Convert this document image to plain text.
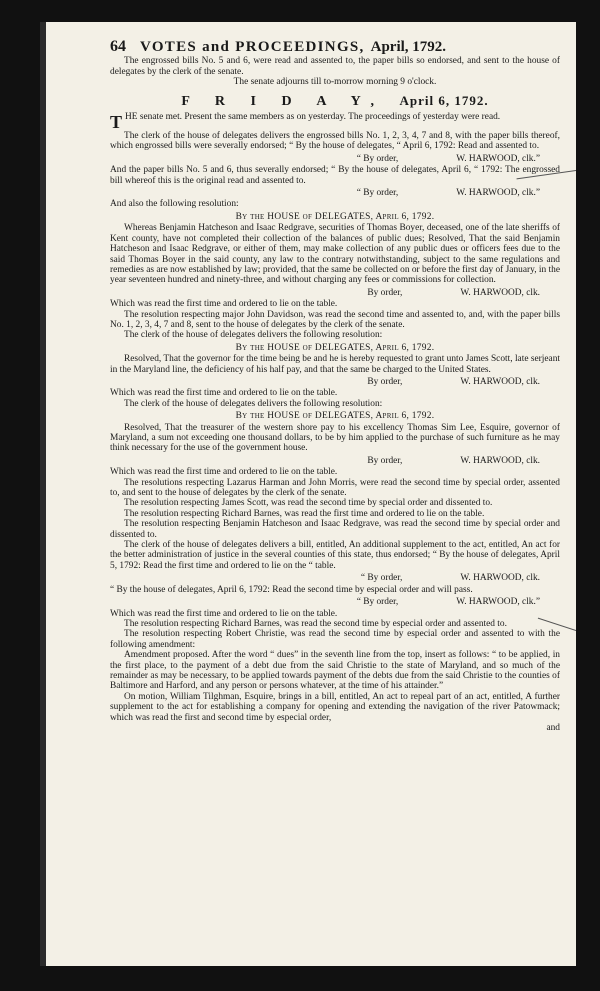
64 VOTES and PROCEEDINGS, April, 1792.

The engrossed bills No. 5 and 6, were read and assented to, the paper bills so endorsed, and sent to the house of delegates by the clerk of the senate.

The senate adjourns till to-morrow morning 9 o'clock.

F R I D A Y, April 6, 1792.

THE senate met. Present the same members as on yesterday. The proceedings of yesterday were read.

The clerk of the house of delegates delivers the engrossed bills No. 1, 2, 3, 4, 7 and 8, with the paper bills thereof, which engrossed bills were severally endorsed; “ By the house of delegates, “ April 6, 1792: Read and assented to.

“ By order,	W. HARWOOD, clk.”

And the paper bills No. 5 and 6, thus severally endorsed; “ By the house of delegates, April 6, “ 1792: The engrossed bill whereof this is the original read and assented to.

“ By order,	W. HARWOOD, clk.”

And also the following resolution:

By the HOUSE of DELEGATES, April 6, 1792.

Whereas Benjamin Hatcheson and Isaac Redgrave, securities of Thomas Boyer, deceased, one of the late sheriffs of Kent county, have not completed their collection of the balances of public dues; Resolved, That the said Benjamin Hatcheson and Isaac Redgrave, or either of them, may make collection of any public dues or officers fees due to the said Thomas Boyer in the said county, any law to the contrary notwithstanding, subject to the same regulations and remedies as are now established by law; provided, that the same be collected on or before the first day of January, in the year seventeen hundred and ninety-three, and without charging any fees or commissions for collection.

By order,	W. HARWOOD, clk.

Which was read the first time and ordered to lie on the table.

The resolution respecting major John Davidson, was read the second time and assented to, and, with the paper bills No. 1, 2, 3, 4, 7 and 8, sent to the house of delegates by the clerk of the senate.

The clerk of the house of delegates delivers the following resolution:

By the HOUSE of DELEGATES, April 6, 1792.

Resolved, That the governor for the time being be and he is hereby requested to grant unto James Scott, late serjeant in the Maryland line, the deficiency of his half pay, and that the same be charged to the United States.

By order,	W. HARWOOD, clk.

Which was read the first time and ordered to lie on the table.

The clerk of the house of delegates delivers the following resolution:

By the HOUSE of DELEGATES, April 6, 1792.

Resolved, That the treasurer of the western shore pay to his excellency Thomas Sim Lee, Esquire, governor of Maryland, a sum not exceeding one thousand dollars, to be by him applied to the purchase of such furniture as he may think necessary for the use of the government house.

By order,	W. HARWOOD, clk.

Which was read the first time and ordered to lie on the table.

The resolutions respecting Lazarus Harman and John Morris, were read the second time by special order, assented to, and sent to the house of delegates by the clerk of the senate.

The resolution respecting James Scott, was read the second time by special order and dissented to.

The resolution respecting Richard Barnes, was read the first time and ordered to lie on the table.

The resolution respecting Benjamin Hatcheson and Isaac Redgrave, was read the second time by special order and dissented to.

The clerk of the house of delegates delivers a bill, entitled, An additional supplement to the act, entitled, An act for the better administration of justice in the several counties of this state, thus endorsed; “ By the house of delegates, April 5, 1792: Read the first time and ordered to lie on the “ table.

“ By order,	W. HARWOOD, clk.

“ By the house of delegates, April 6, 1792: Read the second time by especial order and will pass.

“ By order,	W. HARWOOD, clk.”

Which was read the first time and ordered to lie on the table.

The resolution respecting Richard Barnes, was read the second time by especial order and assented to.

The resolution respecting Robert Christie, was read the second time by especial order and assented to with the following amendment:

Amendment proposed. After the word “ dues” in the seventh line from the top, insert as follows: “ to be applied, in the first place, to the payment of a debt due from the said Christie to the state of Maryland, and so much of the remainder as may be necessary, to be applied towards payment of the debts due from the said Christie to the counties of Baltimore and Harford, and any person or persons whatever, at the time of his attainder.”

On motion, William Tilghman, Esquire, brings in a bill, entitled, An act to repeal part of an act, entitled, A further supplement to the act for establishing a company for opening and extending the navigation of the river Patowmack; which was read the first and second time by especial order,

and
